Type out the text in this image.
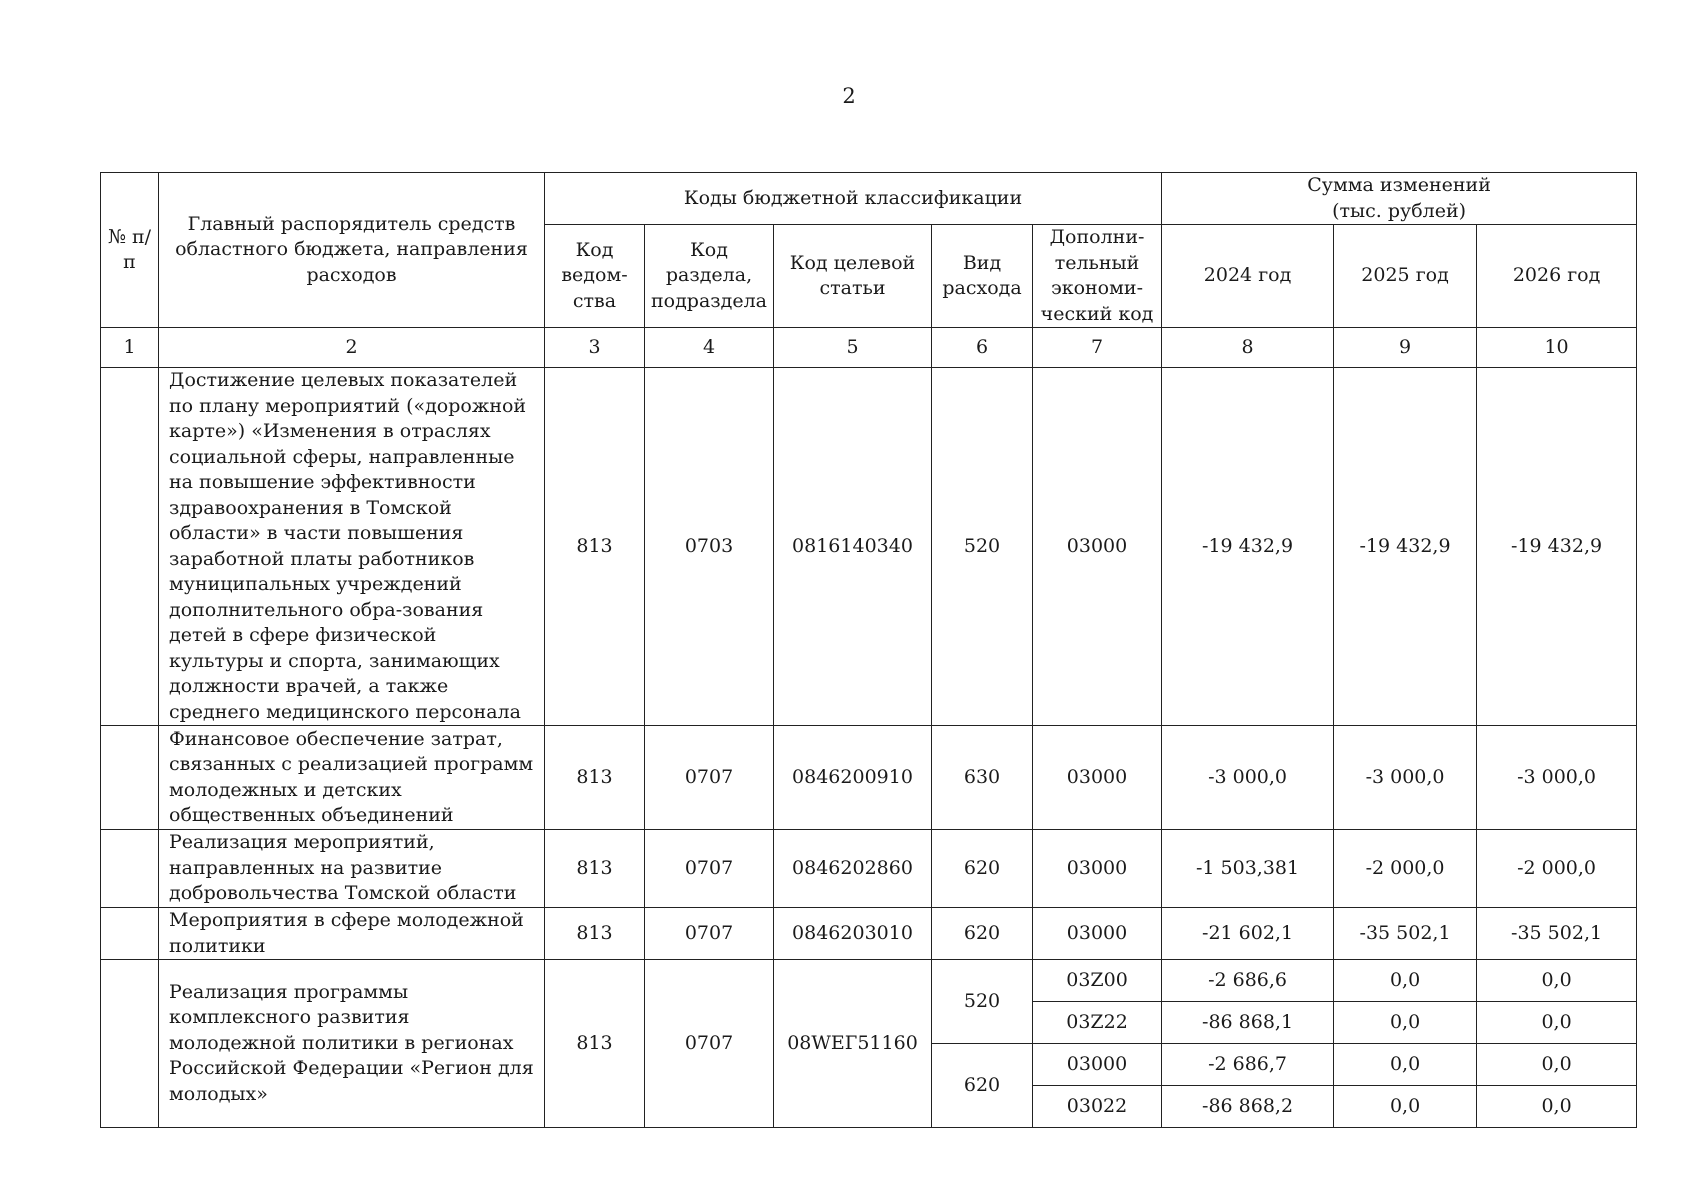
2
№ п/п	Главный распорядитель средств областного бюджета, направления расходов	Коды бюджетной классификации					Сумма изменений
(тыс. рублей)		

		Код
ведом-
ства	Код
раздела,
подраздела	Код целевой
статьи	Вид
расхода	Дополни-
тельный
экономи-
ческий код	2024 год	2025 год	2026 год
1	2	3	4	5	6	7	8	9	10
	Достижение целевых показателей по плану мероприятий («дорожной карте») «Изменения в отраслях социальной сферы, направленные на повышение эффективности здравоохранения в Томской области» в части повышения заработной платы работников муниципальных учреждений дополнительного обра-зования детей в сфере физической культуры и спорта, занимающих должности врачей, а также среднего медицинского персонала	813	0703	0816140340	520	03000	-19 432,9	-19 432,9	-19 432,9
	Финансовое обеспечение затрат, связанных с реализацией программ молодежных и детских общественных объединений	813	0707	0846200910	630	03000	-3 000,0	-3 000,0	-3 000,0
	Реализация мероприятий, направленных на развитие добровольчества Томской области	813	0707	0846202860	620	03000	-1 503,381	-2 000,0	-2 000,0
	Мероприятия в сфере молодежной политики	813	0707	0846203010	620	03000	-21 602,1	-35 502,1	-35 502,1
	Реализация программы комплексного развития молодежной политики в регионах Российской Федерации «Регион для молодых»	813	0707	08WЕГ51160	520	03Z00	-2 686,6	0,0	0,0
						03Z22	-86 868,1	0,0	0,0
					620	03000	-2 686,7	0,0	0,0
						03022	-86 868,2	0,0	0,0
